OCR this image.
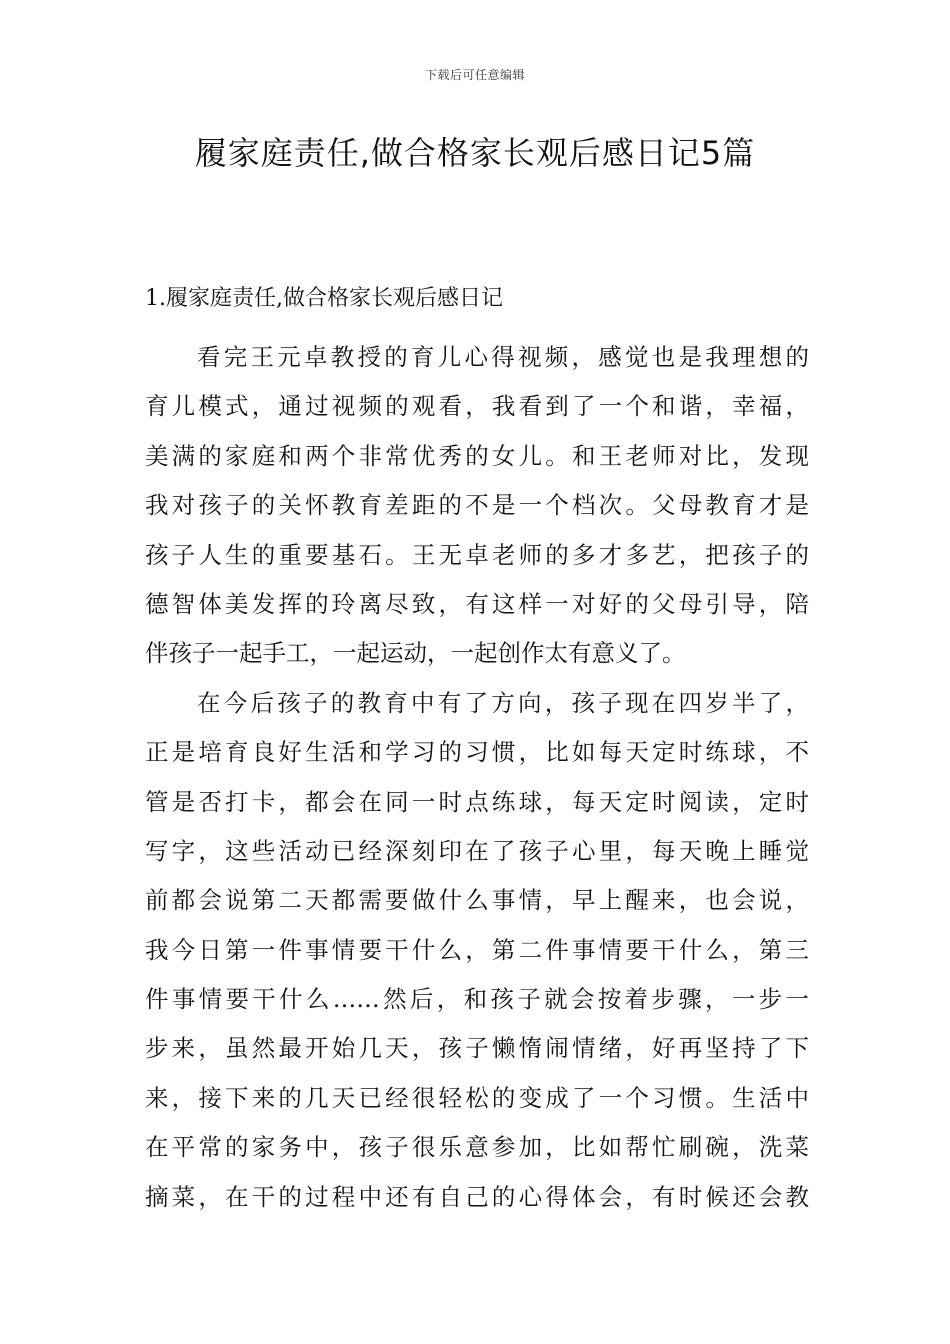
下载后可任意编辑
履家庭责任,做合格家长观后感日记5篇
1.履家庭责任,做合格家长观后感日记
看完王元卓教授的育儿心得视频，感觉也是我理想的
育儿模式，通过视频的观看，我看到了一个和谐，幸福，
美满的家庭和两个非常优秀的女儿。和王老师对比，发现
我对孩子的关怀教育差距的不是一个档次。父母教育才是
孩子人生的重要基石。王无卓老师的多才多艺，把孩子的
德智体美发挥的玲离尽致，有这样一对好的父母引导，陪
伴孩子一起手工，一起运动，一起创作太有意义了。
在今后孩子的教育中有了方向，孩子现在四岁半了，
正是培育良好生活和学习的习惯，比如每天定时练球，不
管是否打卡，都会在同一时点练球，每天定时阅读，定时
写字，这些活动已经深刻印在了孩子心里，每天晚上睡觉
前都会说第二天都需要做什么事情，早上醒来，也会说，
我今日第一件事情要干什么，第二件事情要干什么，第三
件事情要干什么……然后，和孩子就会按着步骤，一步一
步来，虽然最开始几天，孩子懒惰闹情绪，好再坚持了下
来，接下来的几天已经很轻松的变成了一个习惯。生活中
在平常的家务中，孩子很乐意参加，比如帮忙刷碗，洗菜
摘菜，在干的过程中还有自己的心得体会，有时候还会教
